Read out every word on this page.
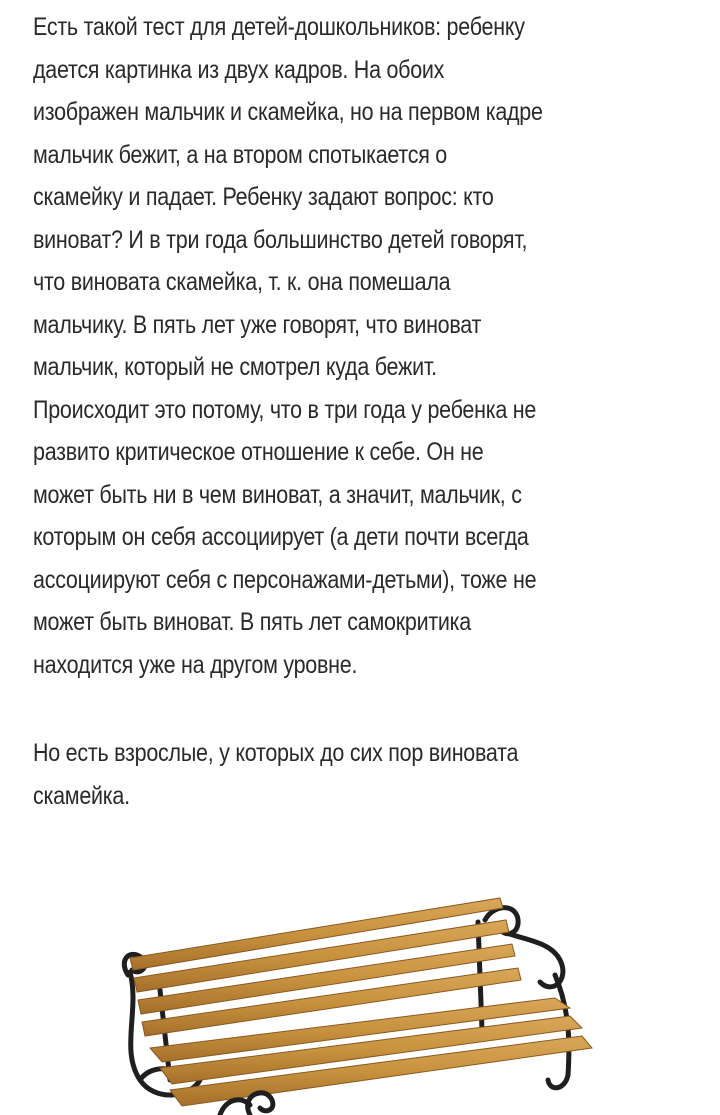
Есть такой тест для детей-дошкольников: ребенку
дается картинка из двух кадров. На обоих
изображен мальчик и скамейка, но на первом кадре
мальчик бежит, а на втором спотыкается о
скамейку и падает. Ребенку задают вопрос: кто
виноват? И в три года большинство детей говорят,
что виновата скамейка, т. к. она помешала
мальчику. В пять лет уже говорят, что виноват
мальчик, который не смотрел куда бежит.
Происходит это потому, что в три года у ребенка не
развито критическое отношение к себе. Он не
может быть ни в чем виноват, а значит, мальчик, с
которым он себя ассоциирует (а дети почти всегда
ассоциируют себя с персонажами-детьми), тоже не
может быть виноват. В пять лет самокритика
находится уже на другом уровне.
Но есть взрослые, у которых до сих пор виновата
скамейка.
